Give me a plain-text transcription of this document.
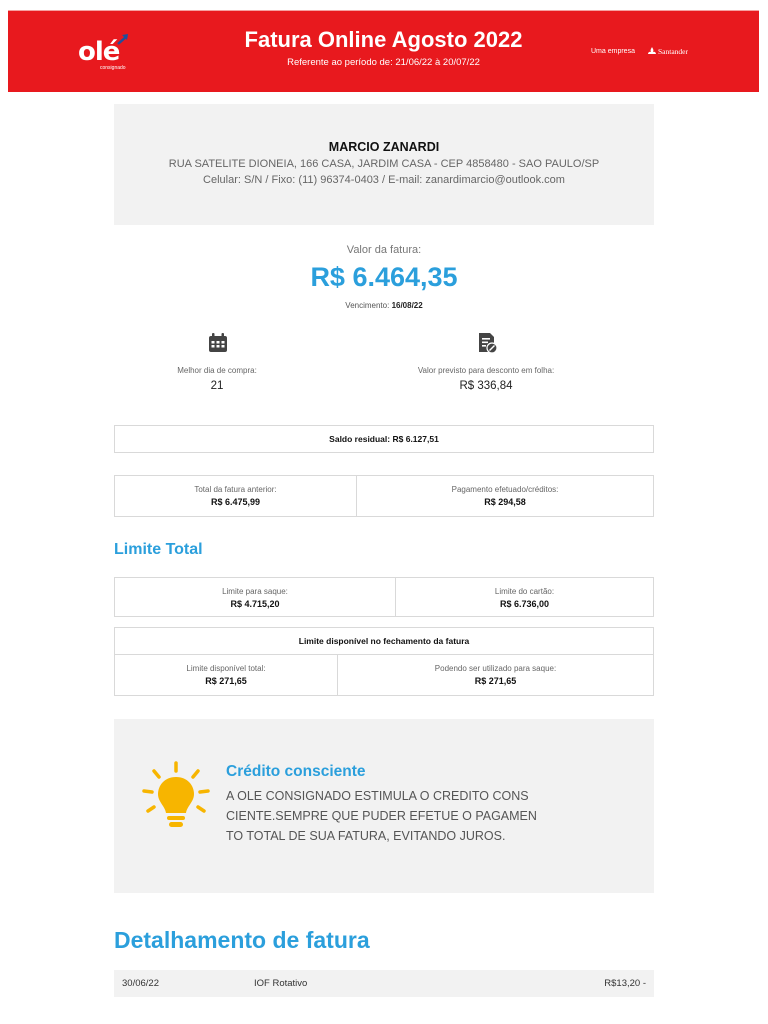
olé
consignado
Fatura Online Agosto 2022
Referente ao período de: 21/06/22 à 20/07/22
Uma empresa	Santander
MARCIO ZANARDI
RUA SATELITE DIONEIA, 166 CASA, JARDIM CASA - CEP 4858480 - SAO PAULO/SP
Celular: S/N / Fixo: (11) 96374-0403 / E-mail: zanardimarcio@outlook.com
Valor da fatura:
R$ 6.464,35
Vencimento: 16/08/22
Melhor dia de compra:
21
Valor previsto para desconto em folha:
R$ 336,84
Saldo residual: R$ 6.127,51
Total da fatura anterior:
R$ 6.475,99
Pagamento efetuado/créditos:
R$ 294,58
Limite Total
Limite para saque:
R$ 4.715,20
Limite do cartão:
R$ 6.736,00
Limite disponível no fechamento da fatura
Limite disponível total:
R$ 271,65
Podendo ser utilizado para saque:
R$ 271,65
Crédito consciente
A OLE CONSIGNADO ESTIMULA O CREDITO CONS
CIENTE.SEMPRE QUE PUDER EFETUE O PAGAMEN
TO TOTAL DE SUA FATURA, EVITANDO JUROS.
Detalhamento de fatura
30/06/22	IOF Rotativo	R$13,20 -
